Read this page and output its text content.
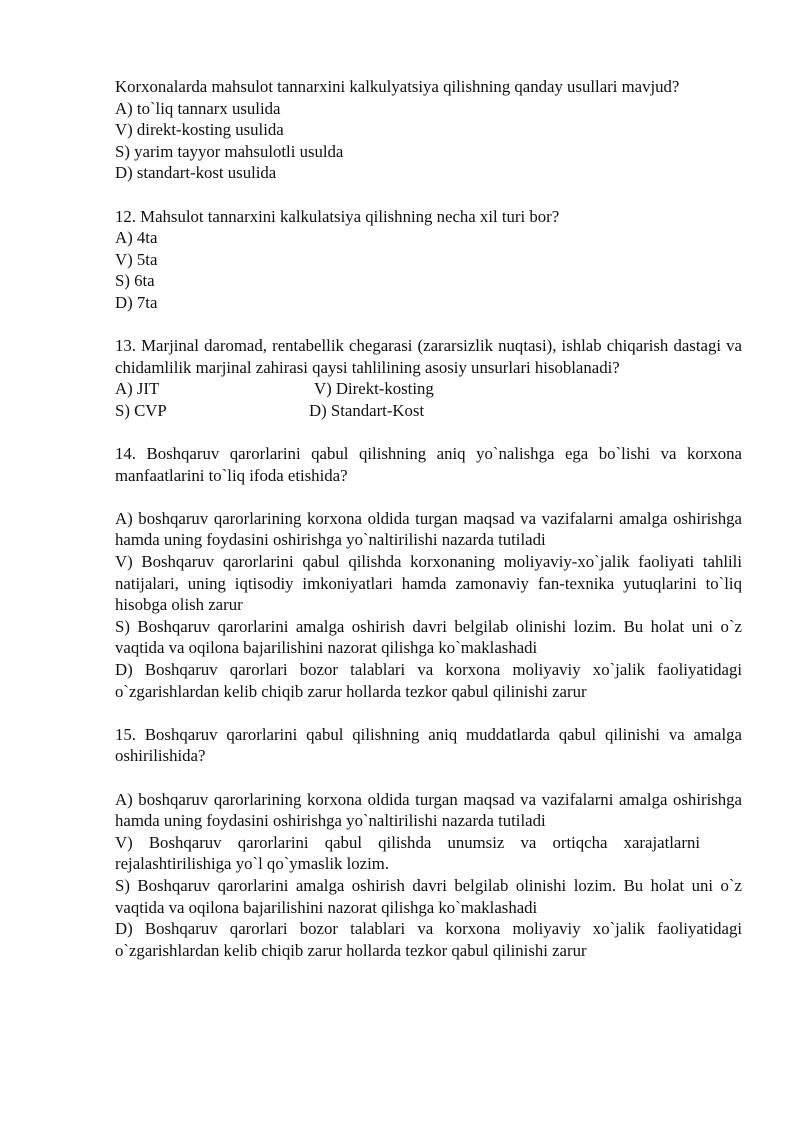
Korxonalarda mahsulot tannarxini kalkulyatsiya qilishning qanday usullari mavjud?
A) to`liq tannarx usulida
V) direkt-kosting usulida
S) yarim tayyor mahsulotli usulda
D) standart-kost usulida
12. Mahsulot tannarxini kalkulatsiya qilishning necha xil turi bor?
A) 4ta
V) 5ta
S) 6ta
D) 7ta
13. Marjinal daromad, rentabellik chegarasi (zararsizlik nuqtasi), ishlab chiqarish dastagi va chidamlilik marjinal zahirasi qaysi tahlilining asosiy unsurlari hisoblanadi?
A) JIT	V) Direkt-kosting
S) CVP	D) Standart-Kost
14. Boshqaruv qarorlarini qabul qilishning aniq yo`nalishga ega bo`lishi va korxona manfaatlarini to`liq ifoda etishida?
A) boshqaruv qarorlarining korxona oldida turgan maqsad va vazifalarni amalga oshirishga hamda uning foydasini oshirishga yo`naltirilishi nazarda tutiladi
V) Boshqaruv qarorlarini qabul qilishda korxonaning moliyaviy-xo`jalik faoliyati tahlili natijalari, uning iqtisodiy imkoniyatlari hamda zamonaviy fan-texnika yutuqlarini to`liq hisobga olish zarur
S) Boshqaruv qarorlarini amalga oshirish davri belgilab olinishi lozim. Bu holat uni o`z vaqtida va oqilona bajarilishini nazorat qilishga ko`maklashadi
D) Boshqaruv qarorlari bozor talablari va korxona moliyaviy xo`jalik faoliyatidagi o`zgarishlardan kelib chiqib zarur hollarda tezkor qabul qilinishi zarur
15. Boshqaruv qarorlarini qabul qilishning aniq muddatlarda qabul qilinishi va amalga oshirilishida?
A) boshqaruv qarorlarining korxona oldida turgan maqsad va vazifalarni amalga oshirishga hamda uning foydasini oshirishga yo`naltirilishi nazarda tutiladi
V) Boshqaruv qarorlarini qabul qilishda unumsiz va ortiqcha xarajatlarni rejalashtirilishiga yo`l qo`ymaslik lozim.
S) Boshqaruv qarorlarini amalga oshirish davri belgilab olinishi lozim. Bu holat uni o`z vaqtida va oqilona bajarilishini nazorat qilishga ko`maklashadi
D) Boshqaruv qarorlari bozor talablari va korxona moliyaviy xo`jalik faoliyatidagi o`zgarishlardan kelib chiqib zarur hollarda tezkor qabul qilinishi zarur
